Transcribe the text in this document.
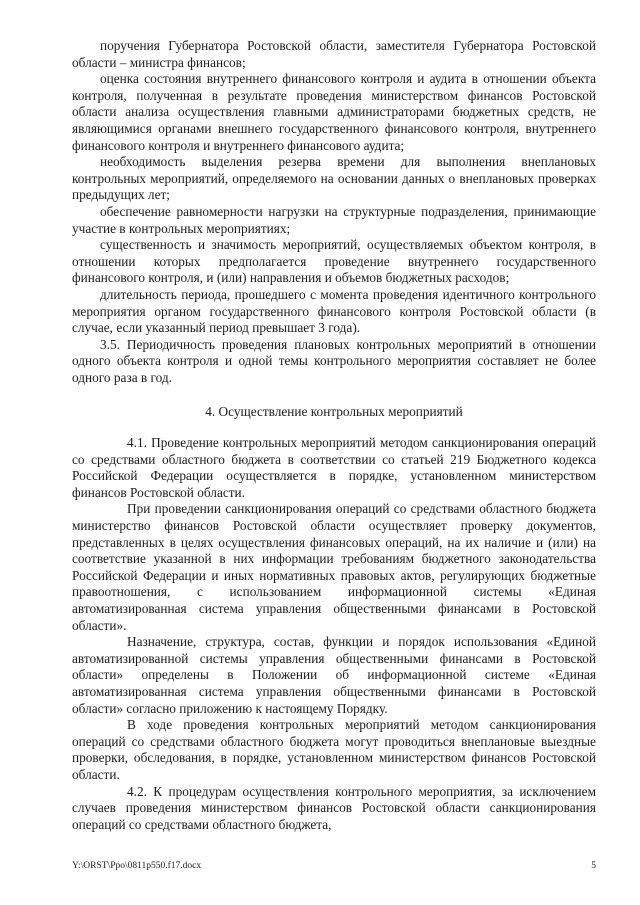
поручения Губернатора Ростовской области, заместителя Губернатора Ростовской области – министра финансов;

оценка состояния внутреннего финансового контроля и аудита в отношении объекта контроля, полученная в результате проведения министерством финансов Ростовской области анализа осуществления главными администраторами бюджетных средств, не являющимися органами внешнего государственного финансового контроля, внутреннего финансового контроля и внутреннего финансового аудита;

необходимость выделения резерва времени для выполнения внеплановых контрольных мероприятий, определяемого на основании данных о внеплановых проверках предыдущих лет;

обеспечение равномерности нагрузки на структурные подразделения, принимающие участие в контрольных мероприятиях;

существенность и значимость мероприятий, осуществляемых объектом контроля, в отношении которых предполагается проведение внутреннего государственного финансового контроля, и (или) направления и объемов бюджетных расходов;

длительность периода, прошедшего с момента проведения идентичного контрольного мероприятия органом государственного финансового контроля Ростовской области (в случае, если указанный период превышает 3 года).

3.5. Периодичность проведения плановых контрольных мероприятий в отношении одного объекта контроля и одной темы контрольного мероприятия составляет не более одного раза в год.

4. Осуществление контрольных мероприятий

4.1. Проведение контрольных мероприятий методом санкционирования операций со средствами областного бюджета в соответствии со статьей 219 Бюджетного кодекса Российской Федерации осуществляется в порядке, установленном министерством финансов Ростовской области.

При проведении санкционирования операций со средствами областного бюджета министерство финансов Ростовской области осуществляет проверку документов, представленных в целях осуществления финансовых операций, на их наличие и (или) на соответствие указанной в них информации требованиям бюджетного законодательства Российской Федерации и иных нормативных правовых актов, регулирующих бюджетные правоотношения, с использованием информационной системы «Единая автоматизированная система управления общественными финансами в Ростовской области».

Назначение, структура, состав, функции и порядок использования «Единой автоматизированной системы управления общественными финансами в Ростовской области» определены в Положении об информационной системе «Единая автоматизированная система управления общественными финансами в Ростовской области» согласно приложению к настоящему Порядку.

В ходе проведения контрольных мероприятий методом санкционирования операций со средствами областного бюджета могут проводиться внеплановые выездные проверки, обследования, в порядке, установленном министерством финансов Ростовской области.

4.2. К процедурам осуществления контрольного мероприятия, за исключением случаев проведения министерством финансов Ростовской области санкционирования операций со средствами областного бюджета,

Y:\ORST\Ppo\0811p550.f17.docx	5
